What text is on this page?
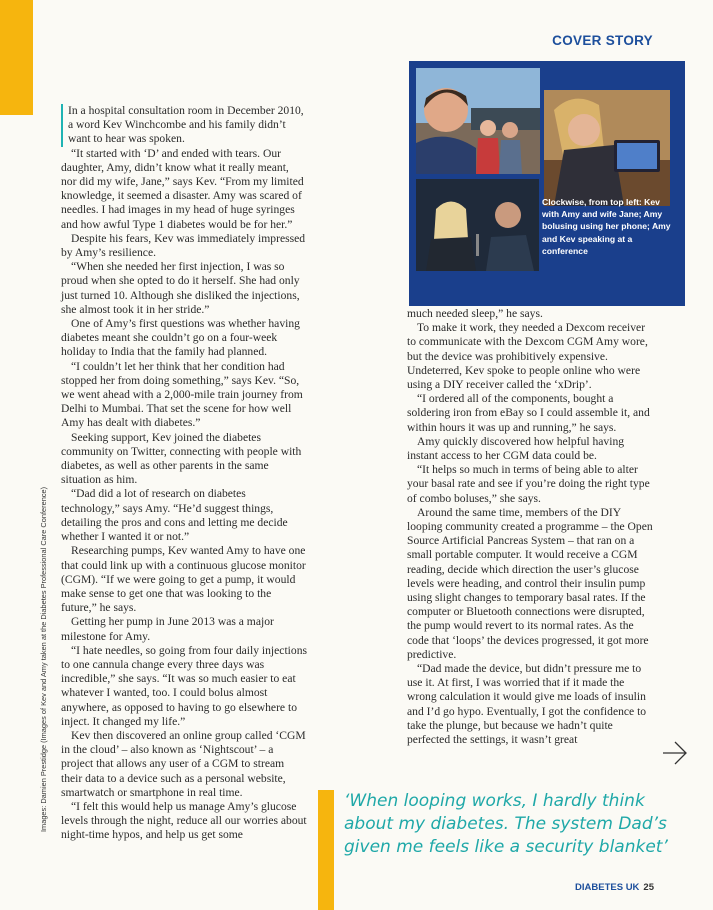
COVER STORY

Clockwise, from top left: Kev with Amy and wife Jane; Amy bolusing using her phone; Amy and Kev speaking at a conference

In a hospital consultation room in December 2010, a word Kev Winchcombe and his family didn’t want to hear was spoken.

“It started with ‘D’ and ended with tears. Our daughter, Amy, didn’t know what it really meant, nor did my wife, Jane,” says Kev. “From my limited knowledge, it seemed a disaster. Amy was scared of needles. I had images in my head of huge syringes and how awful Type 1 diabetes would be for her.”

Despite his fears, Kev was immediately impressed by Amy’s resilience.

“When she needed her first injection, I was so proud when she opted to do it herself. She had only just turned 10. Although she disliked the injections, she almost took it in her stride.”

One of Amy’s first questions was whether having diabetes meant she couldn’t go on a four-week holiday to India that the family had planned.

“I couldn’t let her think that her condition had stopped her from doing something,” says Kev. “So, we went ahead with a 2,000-mile train journey from Delhi to Mumbai. That set the scene for how well Amy has dealt with diabetes.”

Seeking support, Kev joined the diabetes community on Twitter, connecting with people with diabetes, as well as other parents in the same situation as him.

“Dad did a lot of research on diabetes technology,” says Amy. “He’d suggest things, detailing the pros and cons and letting me decide whether I wanted it or not.”

Researching pumps, Kev wanted Amy to have one that could link up with a continuous glucose monitor (CGM). “If we were going to get a pump, it would make sense to get one that was looking to the future,” he says.

Getting her pump in June 2013 was a major milestone for Amy.

“I hate needles, so going from four daily injections to one cannula change every three days was incredible,” she says. “It was so much easier to eat whatever I wanted, too. I could bolus almost anywhere, as opposed to having to go elsewhere to inject. It changed my life.”

Kev then discovered an online group called ‘CGM in the cloud’ – also known as ‘Nightscout’ – a project that allows any user of a CGM to stream their data to a device such as a personal website, smartwatch or smartphone in real time.

“I felt this would help us manage Amy’s glucose levels through the night, reduce all our worries about night-time hypos, and help us get some

much needed sleep,” he says.

To make it work, they needed a Dexcom receiver to communicate with the Dexcom CGM Amy wore, but the device was prohibitively expensive. Undeterred, Kev spoke to people online who were using a DIY receiver called the ‘xDrip’.

“I ordered all of the components, bought a soldering iron from eBay so I could assemble it, and within hours it was up and running,” he says.

Amy quickly discovered how helpful having instant access to her CGM data could be.

“It helps so much in terms of being able to alter your basal rate and see if you’re doing the right type of combo boluses,” she says.

Around the same time, members of the DIY looping community created a programme – the Open Source Artificial Pancreas System – that ran on a small portable computer. It would receive a CGM reading, decide which direction the user’s glucose levels were heading, and control their insulin pump using slight changes to temporary basal rates. If the computer or Bluetooth connections were disrupted, the pump would revert to its normal rates. As the code that ‘loops’ the devices progressed, it got more predictive.

“Dad made the device, but didn’t pressure me to use it. At first, I was worried that if it made the wrong calculation it would give me loads of insulin and I’d go hypo. Eventually, I got the confidence to take the plunge, but because we hadn’t quite perfected the settings, it wasn’t great

Images: Damien Prestidge (Images of Kev and Amy taken at the Diabetes Professional Care Conference)	‘When looping works, I hardly think about my diabetes. The system Dad’s given me feels like a security blanket’

DIABETES UK 25
